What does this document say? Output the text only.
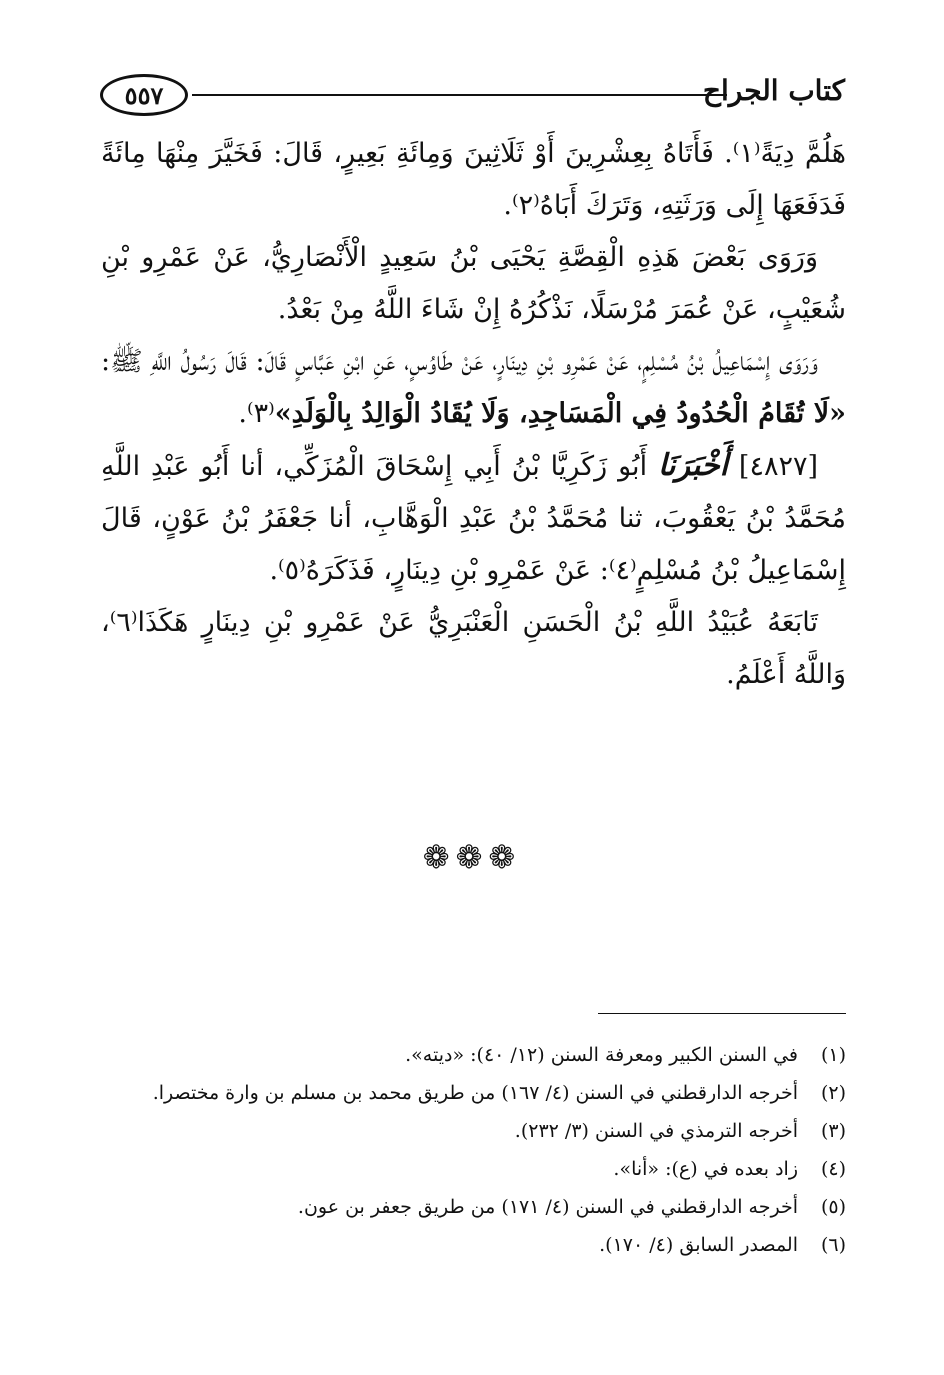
٥٥٧	كتاب الجراح

هَلُمَّ دِيَةً⁽١⁾. فَأَتَاهُ بِعِشْرِينَ أَوْ ثَلَاثِينَ وَمِائَةِ بَعِيرٍ، قَالَ: فَخَيَّرَ مِنْهَا مِائَةً فَدَفَعَهَا إِلَى وَرَثَتِهِ، وَتَرَكَ أَبَاهُ⁽٢⁾.

وَرَوَى بَعْضَ هَذِهِ الْقِصَّةِ يَحْيَى بْنُ سَعِيدٍ الْأَنْصَارِيُّ، عَنْ عَمْرِو بْنِ شُعَيْبٍ، عَنْ عُمَرَ مُرْسَلًا، نَذْكُرُهُ إِنْ شَاءَ اللَّهُ مِنْ بَعْدُ.

وَرَوَى إِسْمَاعِيلُ بْنُ مُسْلِمٍ، عَنْ عَمْرِو بْنِ دِينَارٍ، عَنْ طَاوُسٍ، عَنِ ابْنِ عَبَّاسٍ قَالَ: قَالَ رَسُولُ اللَّهِ ﷺ: «لَا تُقَامُ الْحُدُودُ فِي الْمَسَاجِدِ، وَلَا يُقَادُ الْوَالِدُ بِالْوَلَدِ»⁽٣⁾.

[٤٨٢٧] أَخْبَرَنَا أَبُو زَكَرِيَّا بْنُ أَبِي إِسْحَاقَ الْمُزَكِّي، أنا أَبُو عَبْدِ اللَّهِ مُحَمَّدُ بْنُ يَعْقُوبَ، ثنا مُحَمَّدُ بْنُ عَبْدِ الْوَهَّابِ، أنا جَعْفَرُ بْنُ عَوْنٍ، قَالَ إِسْمَاعِيلُ بْنُ مُسْلِمٍ⁽٤⁾: عَنْ عَمْرِو بْنِ دِينَارٍ، فَذَكَرَهُ⁽٥⁾.

تَابَعَهُ عُبَيْدُ اللَّهِ بْنُ الْحَسَنِ الْعَنْبَرِيُّ عَنْ عَمْرِو بْنِ دِينَارٍ هَكَذَا⁽٦⁾، وَاللَّهُ أَعْلَمُ.

❁❁❁
(١)
في السنن الكبير ومعرفة السنن (١٢/ ٤٠): «ديته».
(٢)
أخرجه الدارقطني في السنن (٤/ ١٦٧) من طريق محمد بن مسلم بن وارة مختصرا.
(٣)
أخرجه الترمذي في السنن (٣/ ٢٣٢).
(٤)
زاد بعده في (ع): «أنا».
(٥)
أخرجه الدارقطني في السنن (٤/ ١٧١) من طريق جعفر بن عون.
(٦)
المصدر السابق (٤/ ١٧٠).
